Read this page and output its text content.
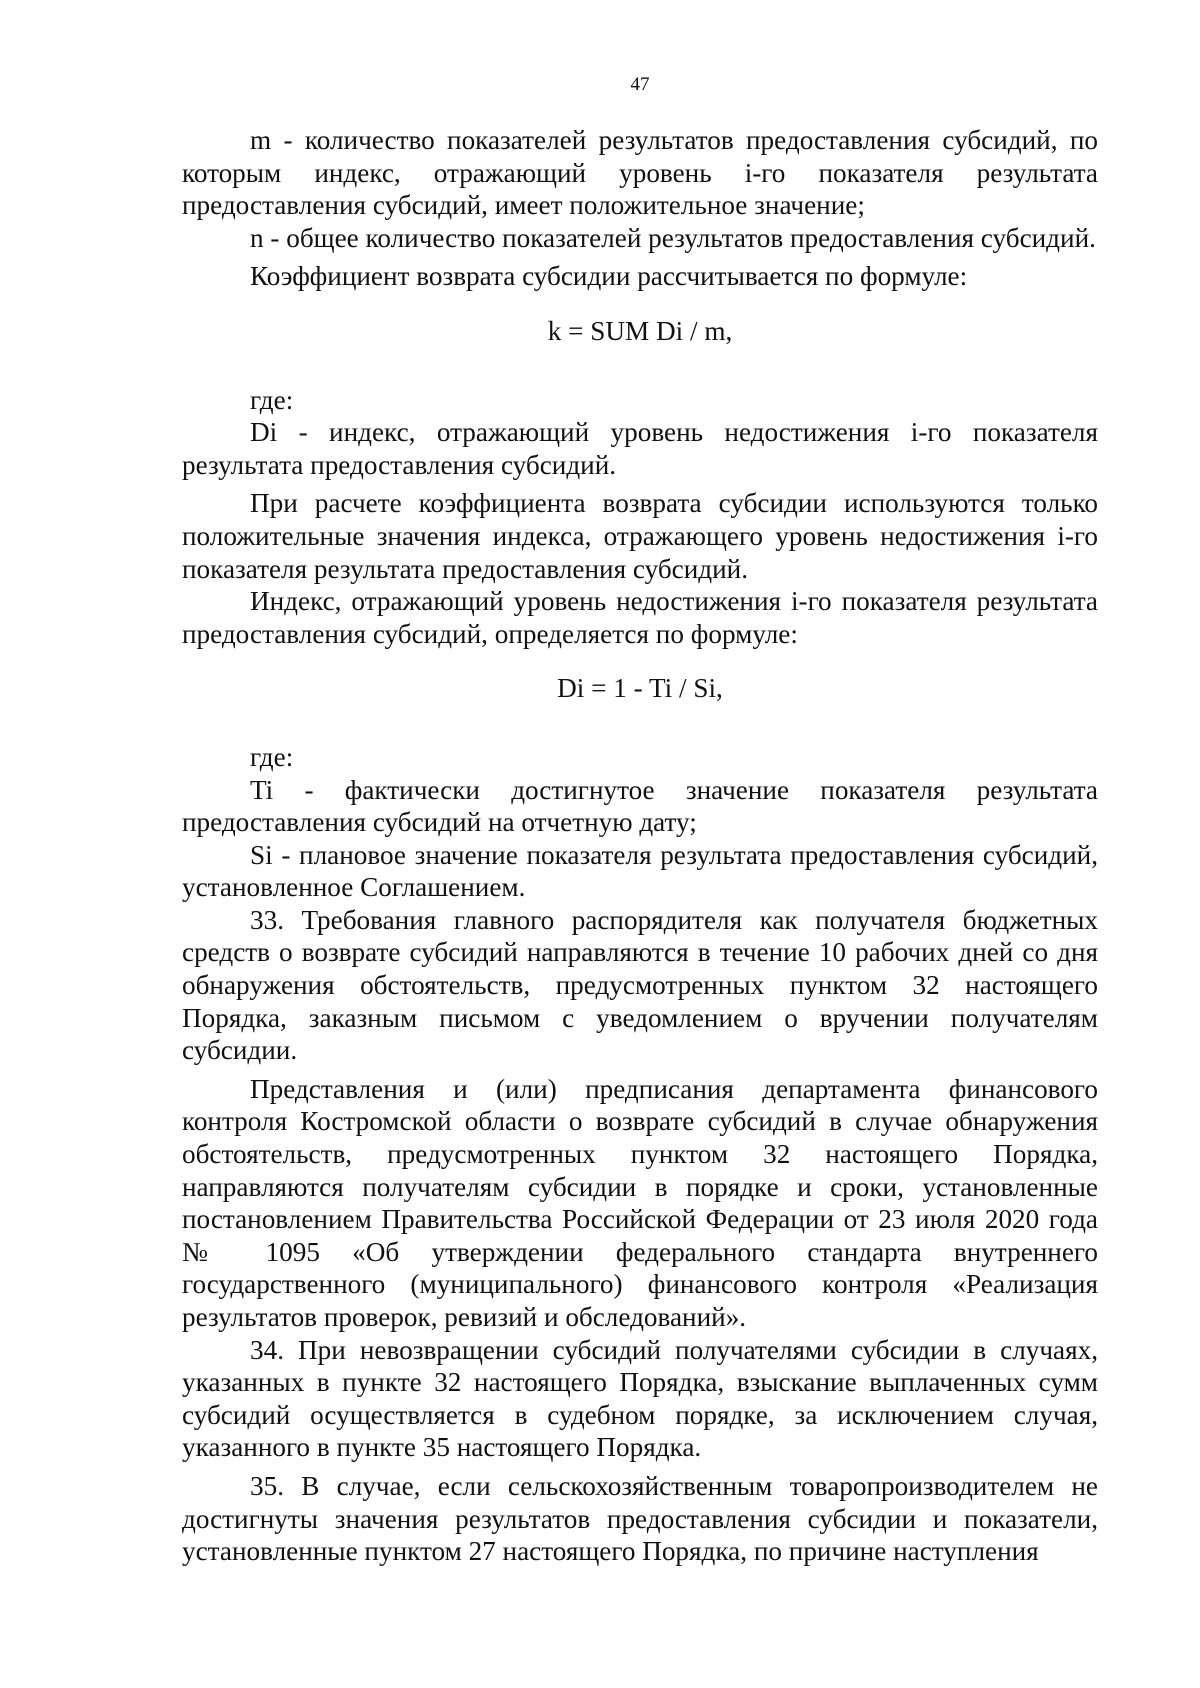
47

m - количество показателей результатов предоставления субсидий, по которым индекс, отражающий уровень i-го показателя результата предоставления субсидий, имеет положительное значение;

n - общее количество показателей результатов предоставления субсидий.

Коэффициент возврата субсидии рассчитывается по формуле:

k = SUM Di / m,

где:

Di - индекс, отражающий уровень недостижения i-го показателя результата предоставления субсидий.

При расчете коэффициента возврата субсидии используются только положительные значения индекса, отражающего уровень недостижения i-го показателя результата предоставления субсидий.

Индекс, отражающий уровень недостижения i-го показателя результата предоставления субсидий, определяется по формуле:

Di = 1 - Ti / Si,

где:

Ti - фактически достигнутое значение показателя результата предоставления субсидий на отчетную дату;

Si - плановое значение показателя результата предоставления субсидий, установленное Соглашением.

33. Требования главного распорядителя как получателя бюджетных средств о возврате субсидий направляются в течение 10 рабочих дней со дня обнаружения обстоятельств, предусмотренных пунктом 32 настоящего Порядка, заказным письмом с уведомлением о вручении получателям субсидии.

Представления и (или) предписания департамента финансового контроля Костромской области о возврате субсидий в случае обнаружения обстоятельств, предусмотренных пунктом 32 настоящего Порядка, направляются получателям субсидии в порядке и сроки, установленные постановлением Правительства Российской Федерации от 23 июля 2020 года № 1095 «Об утверждении федерального стандарта внутреннего государственного (муниципального) финансового контроля «Реализация результатов проверок, ревизий и обследований».

34. При невозвращении субсидий получателями субсидии в случаях, указанных в пункте 32 настоящего Порядка, взыскание выплаченных сумм субсидий осуществляется в судебном порядке, за исключением случая, указанного в пункте 35 настоящего Порядка.

35. В случае, если сельскохозяйственным товаропроизводителем не достигнуты значения результатов предоставления субсидии и показатели, установленные пунктом 27 настоящего Порядка, по причине наступления
